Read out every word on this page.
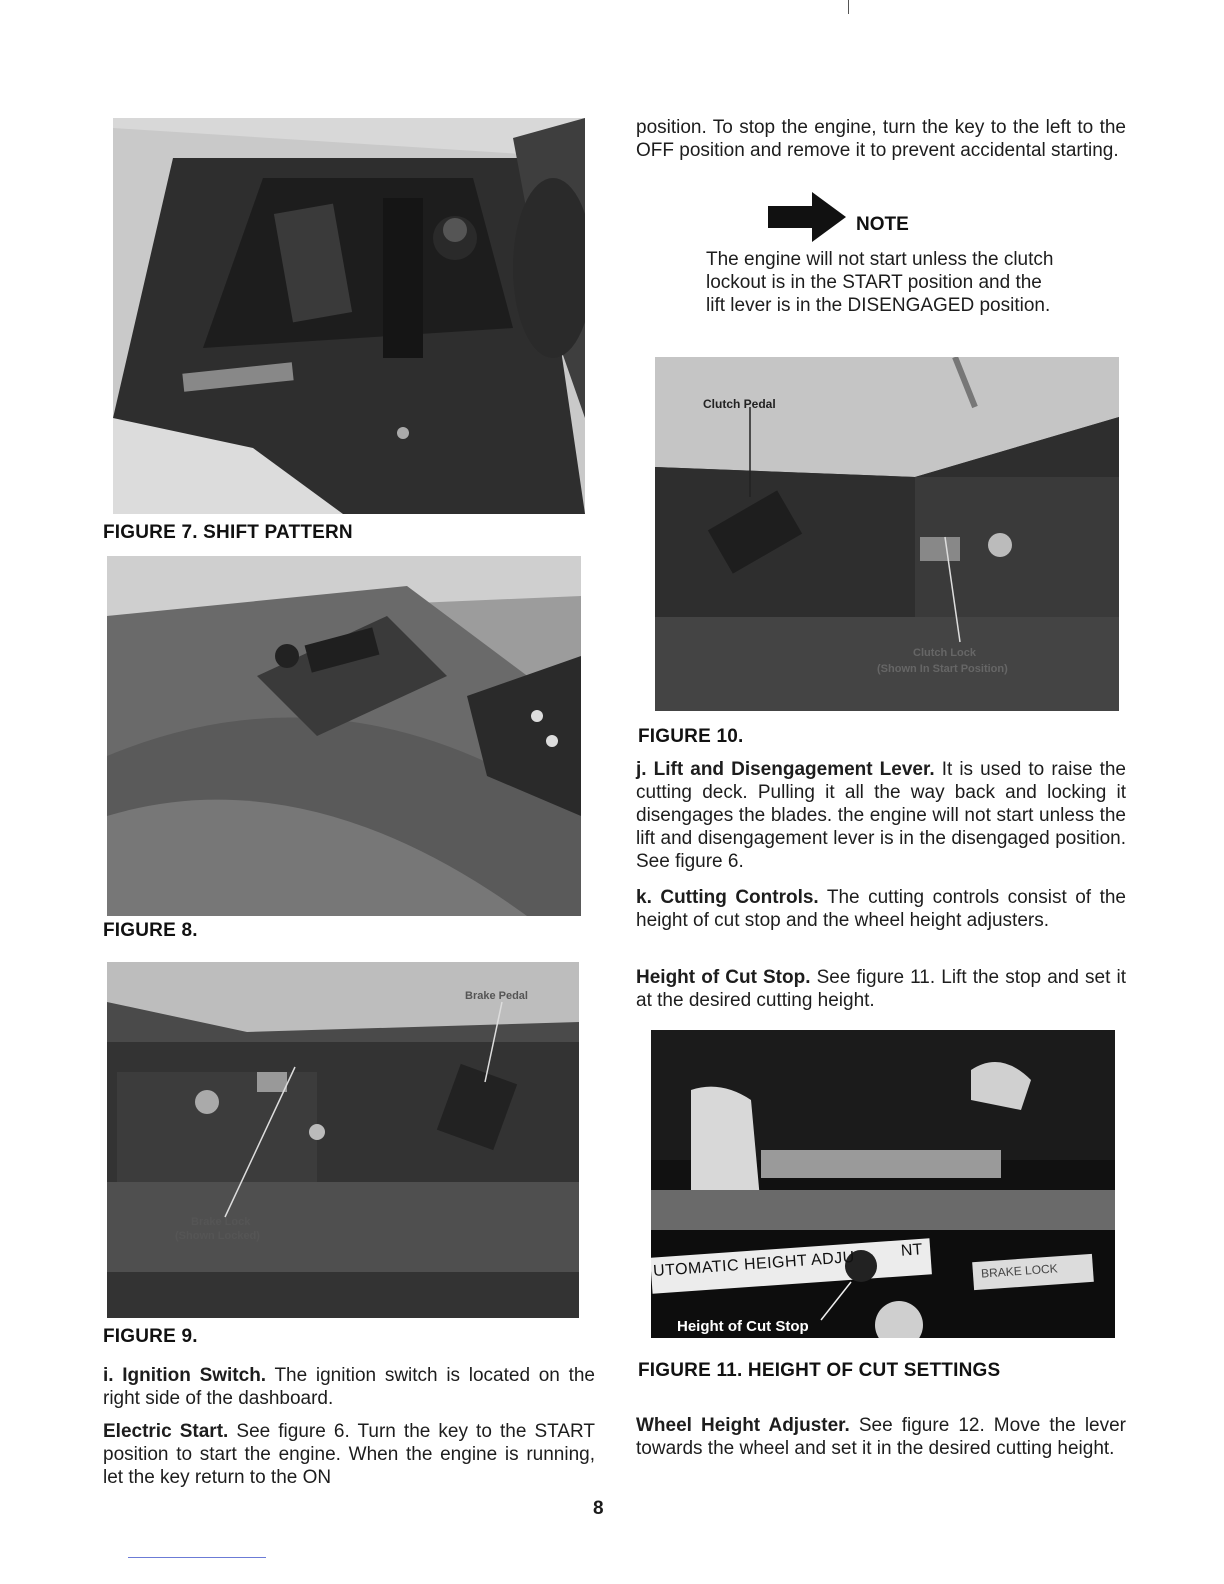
FIGURE 7. SHIFT PATTERN
FIGURE 8.
Brake Pedal
Brake Lock
(Shown Locked)
FIGURE 9.
i. Ignition Switch. The ignition switch is located on the right side of the dashboard.
Electric Start. See figure 6. Turn the key to the START position to start the engine. When the engine is running, let the key return to the ON
position. To stop the engine, turn the key to the left to the OFF position and remove it to prevent accidental starting.
NOTE
The engine will not start unless the clutch lockout is in the START position and the lift lever is in the DISENGAGED position.
Clutch Pedal
Clutch Lock
(Shown In Start Position)
FIGURE 10.
j. Lift and Disengagement Lever. It is used to raise the cutting deck. Pulling it all the way back and locking it disengages the blades. the engine will not start unless the lift and disengagement lever is in the disengaged position. See figure 6.
k. Cutting Controls. The cutting controls consist of the height of cut stop and the wheel height adjusters.
Height of Cut Stop. See figure 11. Lift the stop and set it at the desired cutting height.
UTOMATIC HEIGHT ADJU	NT
BRAKE LOCK
Height of Cut Stop
FIGURE 11. HEIGHT OF CUT SETTINGS
Wheel Height Adjuster. See figure 12. Move the lever towards the wheel and set it in the desired cutting height.
8
